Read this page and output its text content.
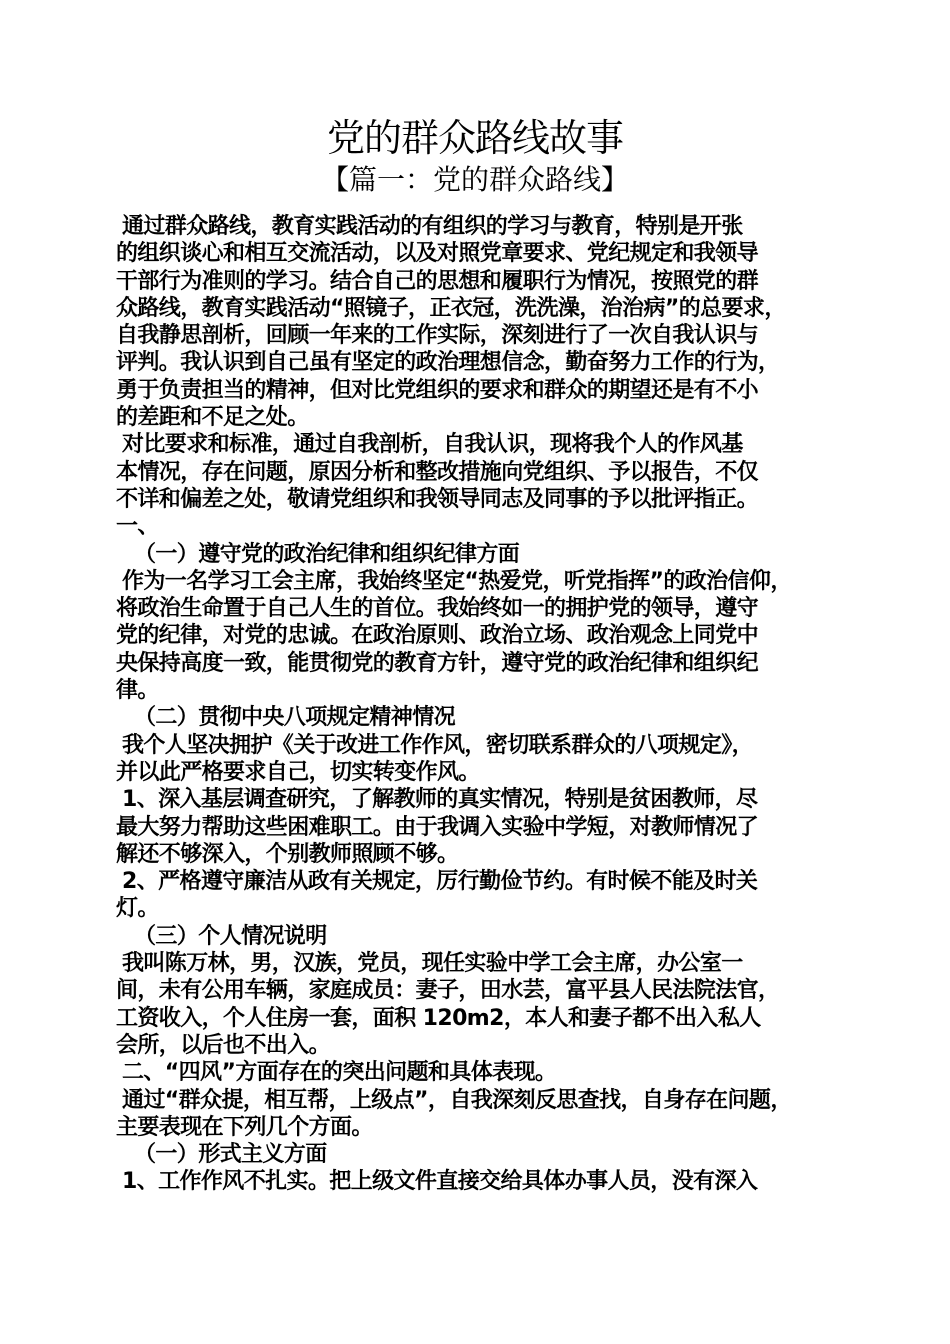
党的群众路线故事
【篇一：党的群众路线】
通过群众路线，教育实践活动的有组织的学习与教育，特别是开张
的组织谈心和相互交流活动，以及对照党章要求、党纪规定和我领导
干部行为准则的学习。结合自己的思想和履职行为情况，按照党的群
众路线，教育实践活动“照镜子，正衣冠，洗洗澡，治治病”的总要求，
自我静思剖析，回顾一年来的工作实际，深刻进行了一次自我认识与
评判。我认识到自己虽有坚定的政治理想信念，勤奋努力工作的行为，
勇于负责担当的精神，但对比党组织的要求和群众的期望还是有不小
的差距和不足之处。
对比要求和标准，通过自我剖析，自我认识，现将我个人的作风基
本情况，存在问题，原因分析和整改措施向党组织、予以报告，不仅
不详和偏差之处，敬请党组织和我领导同志及同事的予以批评指正。
一、
（一）遵守党的政治纪律和组织纪律方面
作为一名学习工会主席，我始终坚定“热爱党，听党指挥”的政治信仰，
将政治生命置于自己人生的首位。我始终如一的拥护党的领导，遵守
党的纪律，对党的忠诚。在政治原则、政治立场、政治观念上同党中
央保持高度一致，能贯彻党的教育方针，遵守党的政治纪律和组织纪
律。
（二）贯彻中央八项规定精神情况
我个人坚决拥护《关于改进工作作风，密切联系群众的八项规定》，
并以此严格要求自己，切实转变作风。
1、深入基层调查研究，了解教师的真实情况，特别是贫困教师，尽
最大努力帮助这些困难职工。由于我调入实验中学短，对教师情况了
解还不够深入，个别教师照顾不够。
2、严格遵守廉洁从政有关规定，厉行勤俭节约。有时候不能及时关
灯。
（三）个人情况说明
我叫陈万林，男，汉族，党员，现任实验中学工会主席，办公室一
间，未有公用车辆，家庭成员：妻子，田水芸，富平县人民法院法官，
工资收入，个人住房一套，面积 120m2，本人和妻子都不出入私人
会所，以后也不出入。
二、“四风”方面存在的突出问题和具体表现。
通过“群众提，相互帮，上级点”，自我深刻反思查找，自身存在问题，
主要表现在下列几个方面。
（一）形式主义方面
1、工作作风不扎实。把上级文件直接交给具体办事人员，没有深入
